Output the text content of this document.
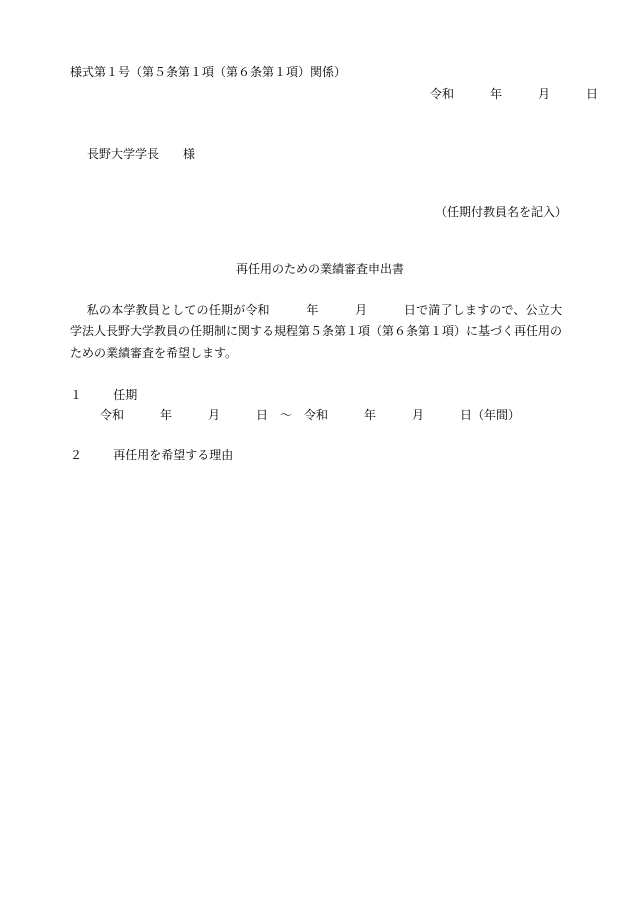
様式第１号（第５条第１項（第６条第１項）関係）
令和　　　年　　　月　　　日
長野大学学長　　様
（任期付教員名を記入）
再任用のための業績審査申出書
私の本学教員としての任期が令和　　　年　　　月　　　日で満了しますので、公立大学法人長野大学教員の任期制に関する規程第５条第１項（第６条第１項）に基づく再任用のための業績審査を希望します。
１	任期
令和　　　年　　　月　　　日　〜　令和　　　年　　　月　　　日（年間）
２	再任用を希望する理由
